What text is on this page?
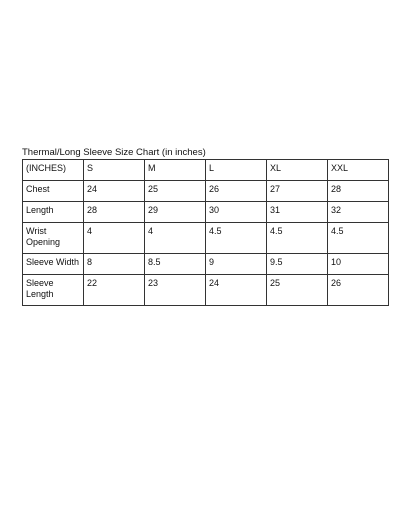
Thermal/Long Sleeve Size Chart (in inches)
(INCHES)	S	M	L	XL	XXL
Chest	24	25	26	27	28
Length	28	29	30	31	32
Wrist
Opening	4	4	4.5	4.5	4.5
Sleeve Width	8	8.5	9	9.5	10
Sleeve
Length	22	23	24	25	26
